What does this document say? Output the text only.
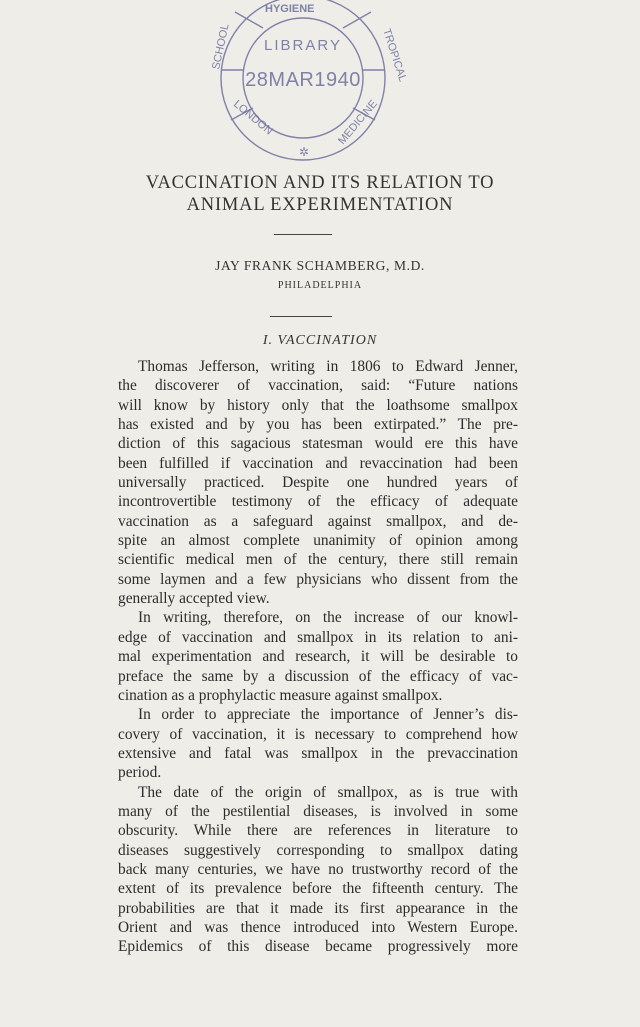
LIBRARY
28MAR1940
HYGIENE
SCHOOL	TROPICAL
LONDON	MEDICINE
✲
VACCINATION AND ITS RELATION TO
ANIMAL EXPERIMENTATION
JAY FRANK SCHAMBERG, M.D.
PHILADELPHIA
I. VACCINATION
Thomas Jefferson, writing in 1806 to Edward Jenner,
the discoverer of vaccination, said: “Future nations
will know by history only that the loathsome smallpox
has existed and by you has been extirpated.” The pre-
diction of this sagacious statesman would ere this have
been fulfilled if vaccination and revaccination had been
universally practiced. Despite one hundred years of
incontrovertible testimony of the efficacy of adequate
vaccination as a safeguard against smallpox, and de-
spite an almost complete unanimity of opinion among
scientific medical men of the century, there still remain
some laymen and a few physicians who dissent from the
generally accepted view.
In writing, therefore, on the increase of our knowl-
edge of vaccination and smallpox in its relation to ani-
mal experimentation and research, it will be desirable to
preface the same by a discussion of the efficacy of vac-
cination as a prophylactic measure against smallpox.
In order to appreciate the importance of Jenner’s dis-
covery of vaccination, it is necessary to comprehend how
extensive and fatal was smallpox in the prevaccination
period.
The date of the origin of smallpox, as is true with
many of the pestilential diseases, is involved in some
obscurity. While there are references in literature to
diseases suggestively corresponding to smallpox dating
back many centuries, we have no trustworthy record of the
extent of its prevalence before the fifteenth century. The
probabilities are that it made its first appearance in the
Orient and was thence introduced into Western Europe.
Epidemics of this disease became progressively more
